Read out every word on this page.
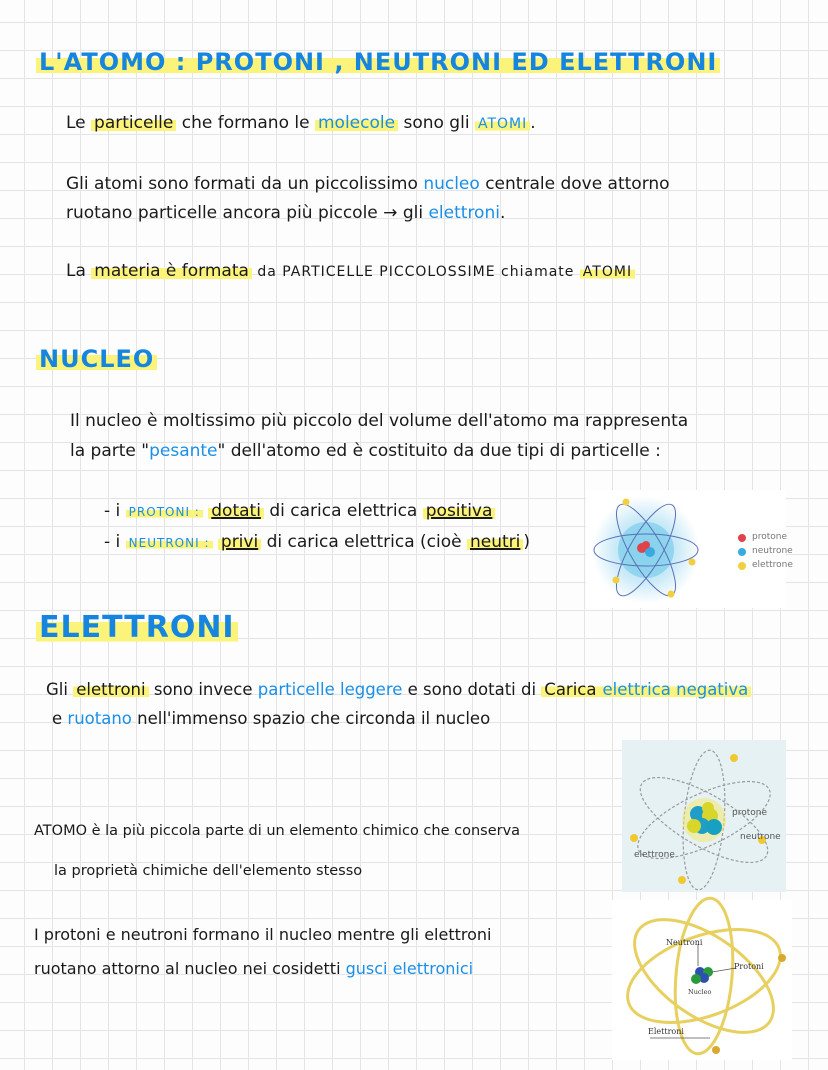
L'ATOMO : PROTONI , NEUTRONI ED ELETTRONI
Le particelle che formano le molecole sono gli ATOMI .
Gli atomi sono formati da un piccolissimo nucleo centrale dove attorno
ruotano particelle ancora più piccole → gli elettroni.
La materia è formata da PARTICELLE PICCOLOSSIME chiamate ATOMI
NUCLEO
Il nucleo è moltissimo più piccolo del volume dell'atomo ma rappresenta
la parte "pesante" dell'atomo ed è costituito da due tipi di particelle :
- i PROTONI : dotati di carica elettrica positiva
- i NEUTRONI : privi di carica elettrica (cioè neutri )	protone
neutrone
elettrone
ELETTRONI
Gli elettroni sono invece particelle leggere e sono dotati di Carica elettrica negativa
e ruotano nell'immenso spazio che circonda il nucleo
protone
neutrone
elettrone
ATOMO è la più piccola parte di un elemento chimico che conserva
la proprietà chimiche dell'elemento stesso
I protoni e neutroni formano il nucleo mentre gli elettroni
ruotano attorno al nucleo nei cosidetti gusci elettronici
Neutroni
Protoni
Nucleo
Elettroni
